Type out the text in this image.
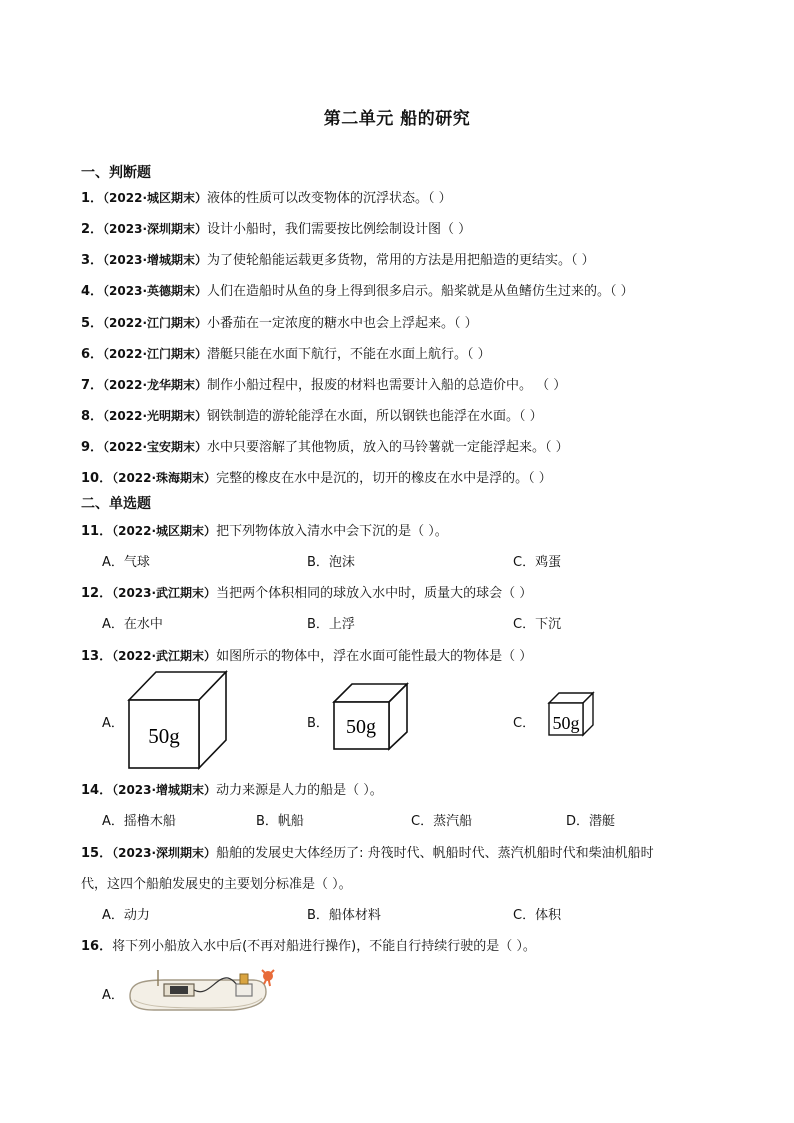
第二单元 船的研究
一、判断题
1．（2022·城区期末）液体的性质可以改变物体的沉浮状态。（ ）
2．（2023·深圳期末）设计小船时，我们需要按比例绘制设计图（ ）
3．（2023·增城期末）为了使轮船能运载更多货物，常用的方法是用把船造的更结实。（ ）
4．（2023·英德期末）人们在造船时从鱼的身上得到很多启示。船桨就是从鱼鳍仿生过来的。（ ）
5．（2022·江门期末）小番茄在一定浓度的糖水中也会上浮起来。（ ）
6．（2022·江门期末）潜艇只能在水面下航行，不能在水面上航行。（ ）
7．（2022·龙华期末）制作小船过程中，报废的材料也需要计入船的总造价中。 （ ）
8．（2022·光明期末）钢铁制造的游轮能浮在水面，所以钢铁也能浮在水面。（ ）
9．（2022·宝安期末）水中只要溶解了其他物质，放入的马铃薯就一定能浮起来。（ ）
10．（2022·珠海期末）完整的橡皮在水中是沉的，切开的橡皮在水中是浮的。（ ）
二、单选题
11．（2022·城区期末）把下列物体放入清水中会下沉的是（ ）。
A．气球	B．泡沫	C．鸡蛋
12．（2023·武江期末）当把两个体积相同的球放入水中时，质量大的球会（ ）
A．在水中	B．上浮	C．下沉
13．（2022·武江期末）如图所示的物体中，浮在水面可能性最大的物体是（ ）
A．
50g
B． 50g	C． 50g
14．（2023·增城期末）动力来源是人力的船是（ ）。
A．摇橹木船	B．帆船	C．蒸汽船	D．潜艇
15．（2023·深圳期末）船舶的发展史大体经历了: 舟筏时代、帆船时代、蒸汽机船时代和柴油机船时
代，这四个船舶发展史的主要划分标准是（ ）。
A．动力	B．船体材料	C．体积
16．将下列小船放入水中后(不再对船进行操作)，不能自行持续行驶的是（ ）。
A．
